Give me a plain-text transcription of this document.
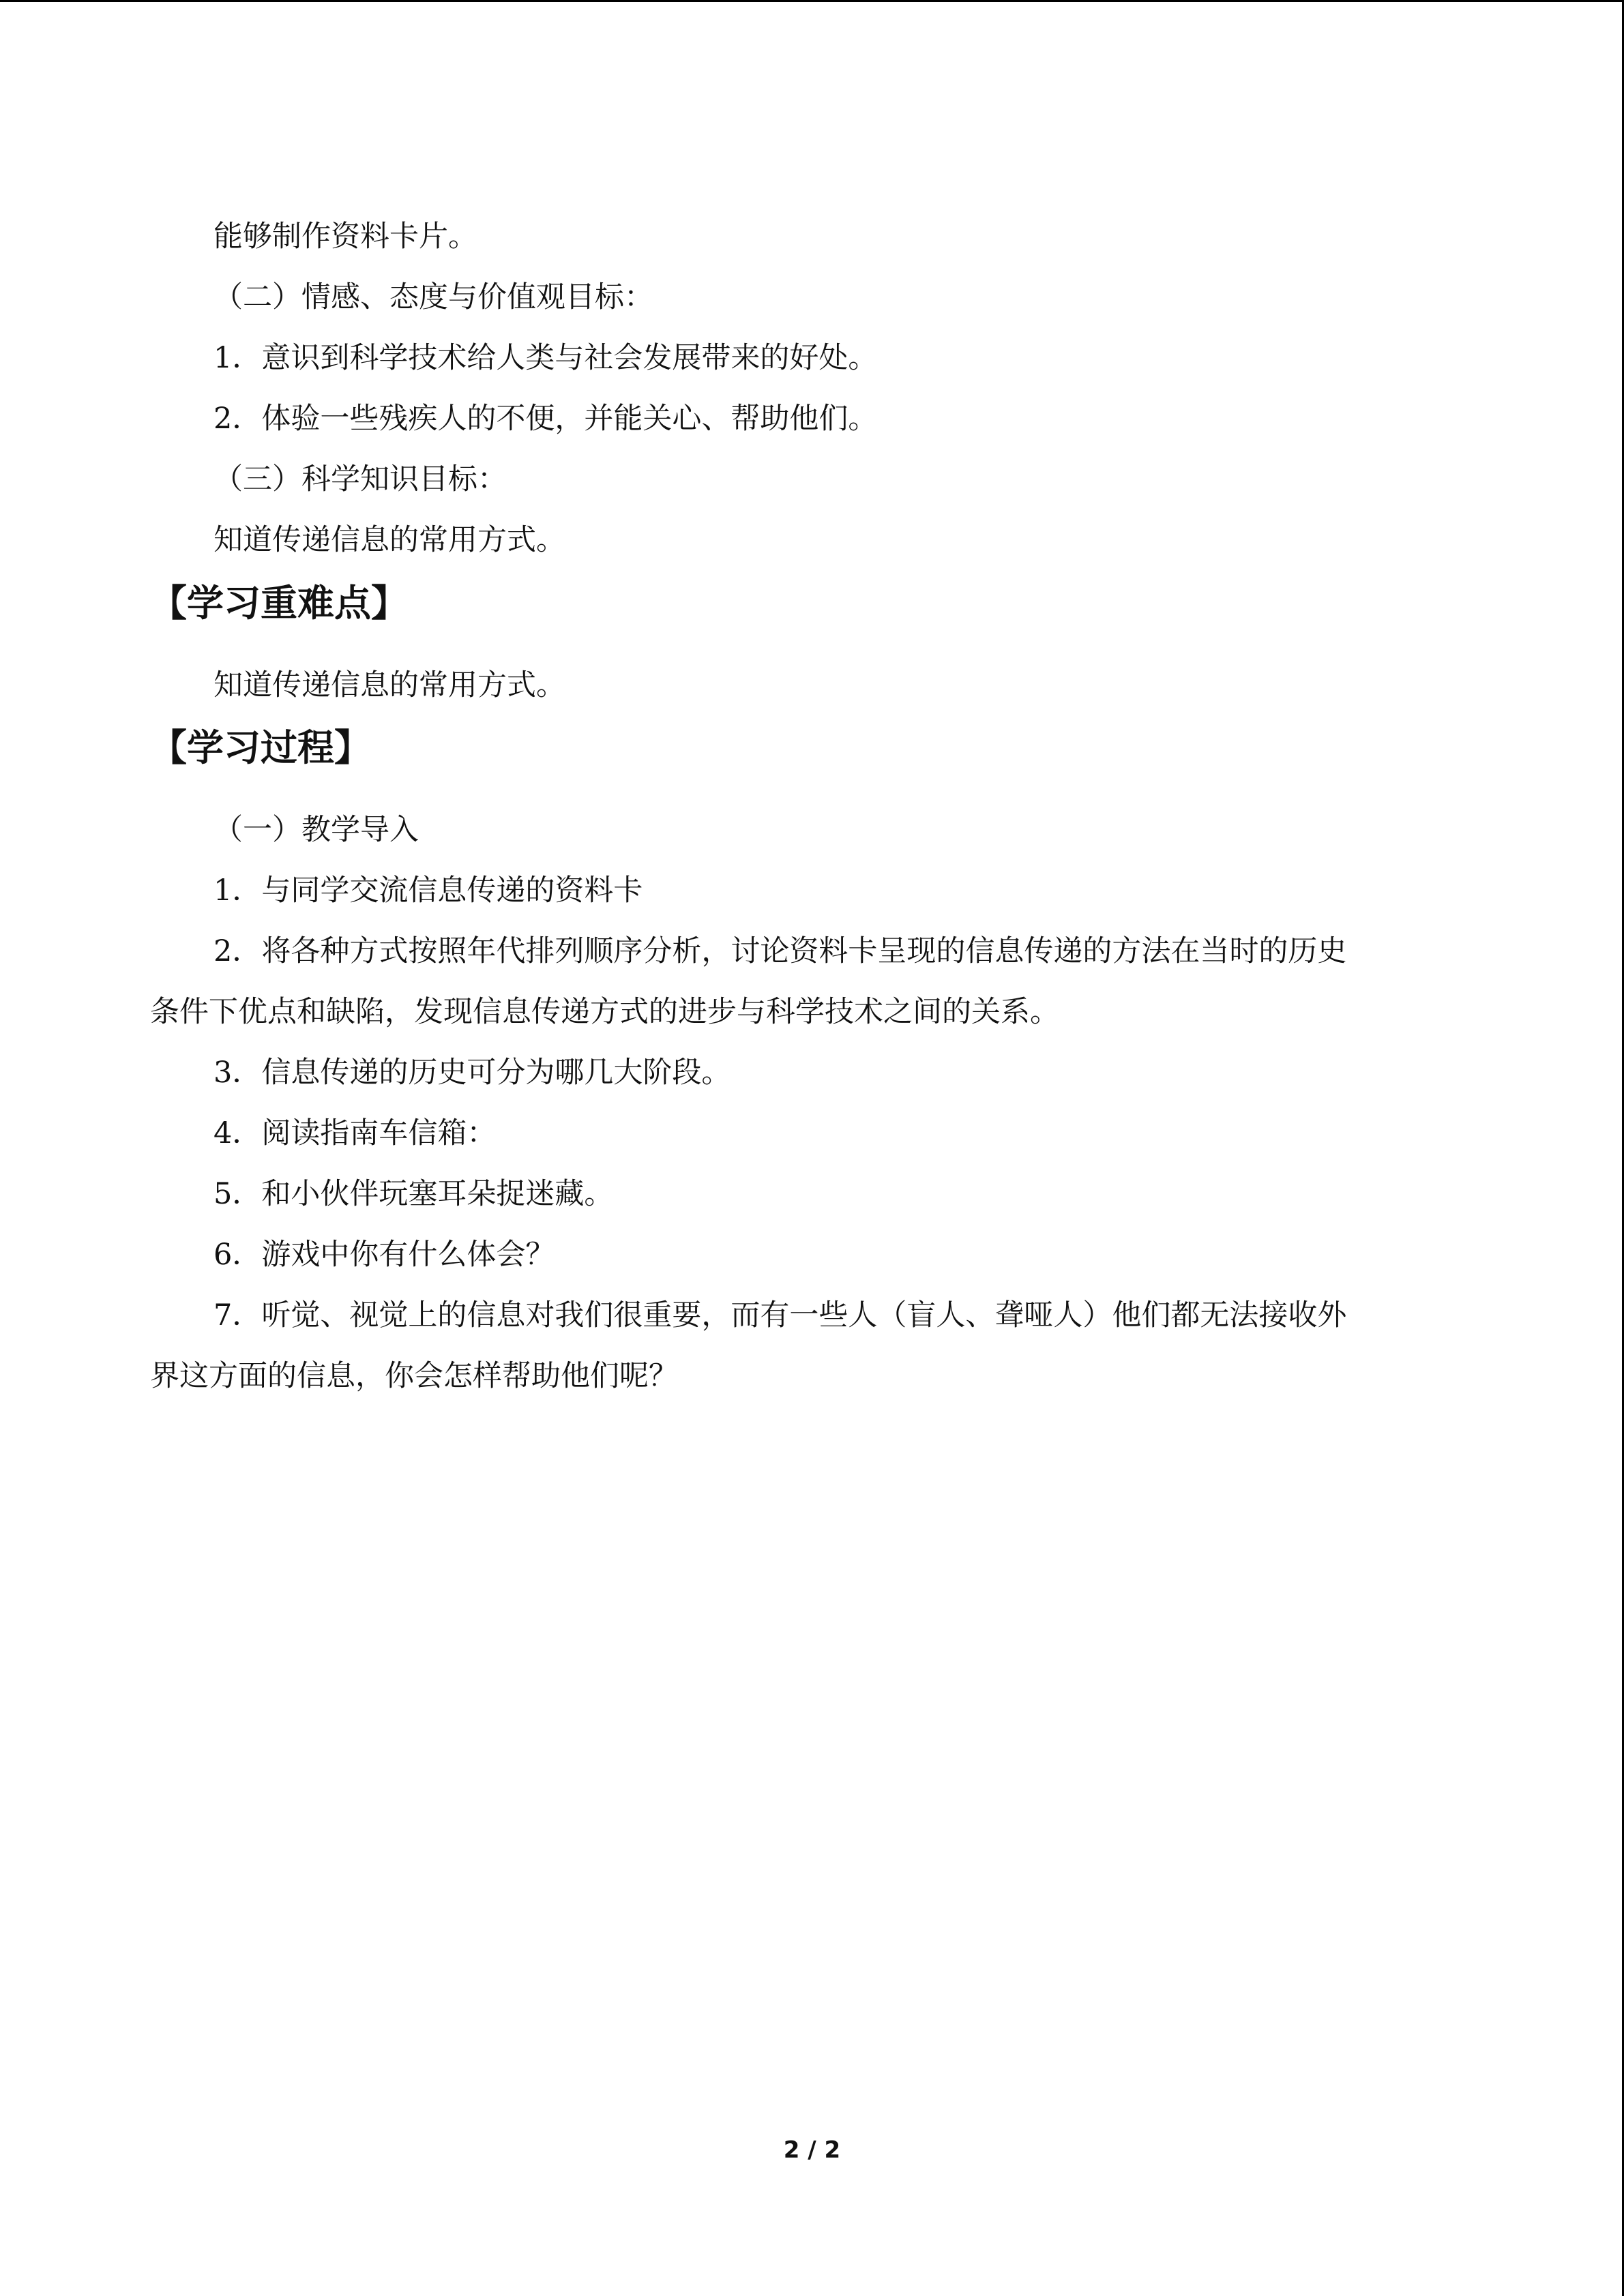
能够制作资料卡片。
（二）情感、态度与价值观目标：
1．意识到科学技术给人类与社会发展带来的好处。
2．体验一些残疾人的不便，并能关心、帮助他们。
（三）科学知识目标：
知道传递信息的常用方式。
【学习重难点】
知道传递信息的常用方式。
【学习过程】
（一）教学导入
1．与同学交流信息传递的资料卡
2．将各种方式按照年代排列顺序分析，讨论资料卡呈现的信息传递的方法在当时的历史
条件下优点和缺陷，发现信息传递方式的进步与科学技术之间的关系。
3．信息传递的历史可分为哪几大阶段。
4．阅读指南车信箱：
5．和小伙伴玩塞耳朵捉迷藏。
6．游戏中你有什么体会？
7．听觉、视觉上的信息对我们很重要，而有一些人（盲人、聋哑人）他们都无法接收外
界这方面的信息，你会怎样帮助他们呢？
2 / 2
